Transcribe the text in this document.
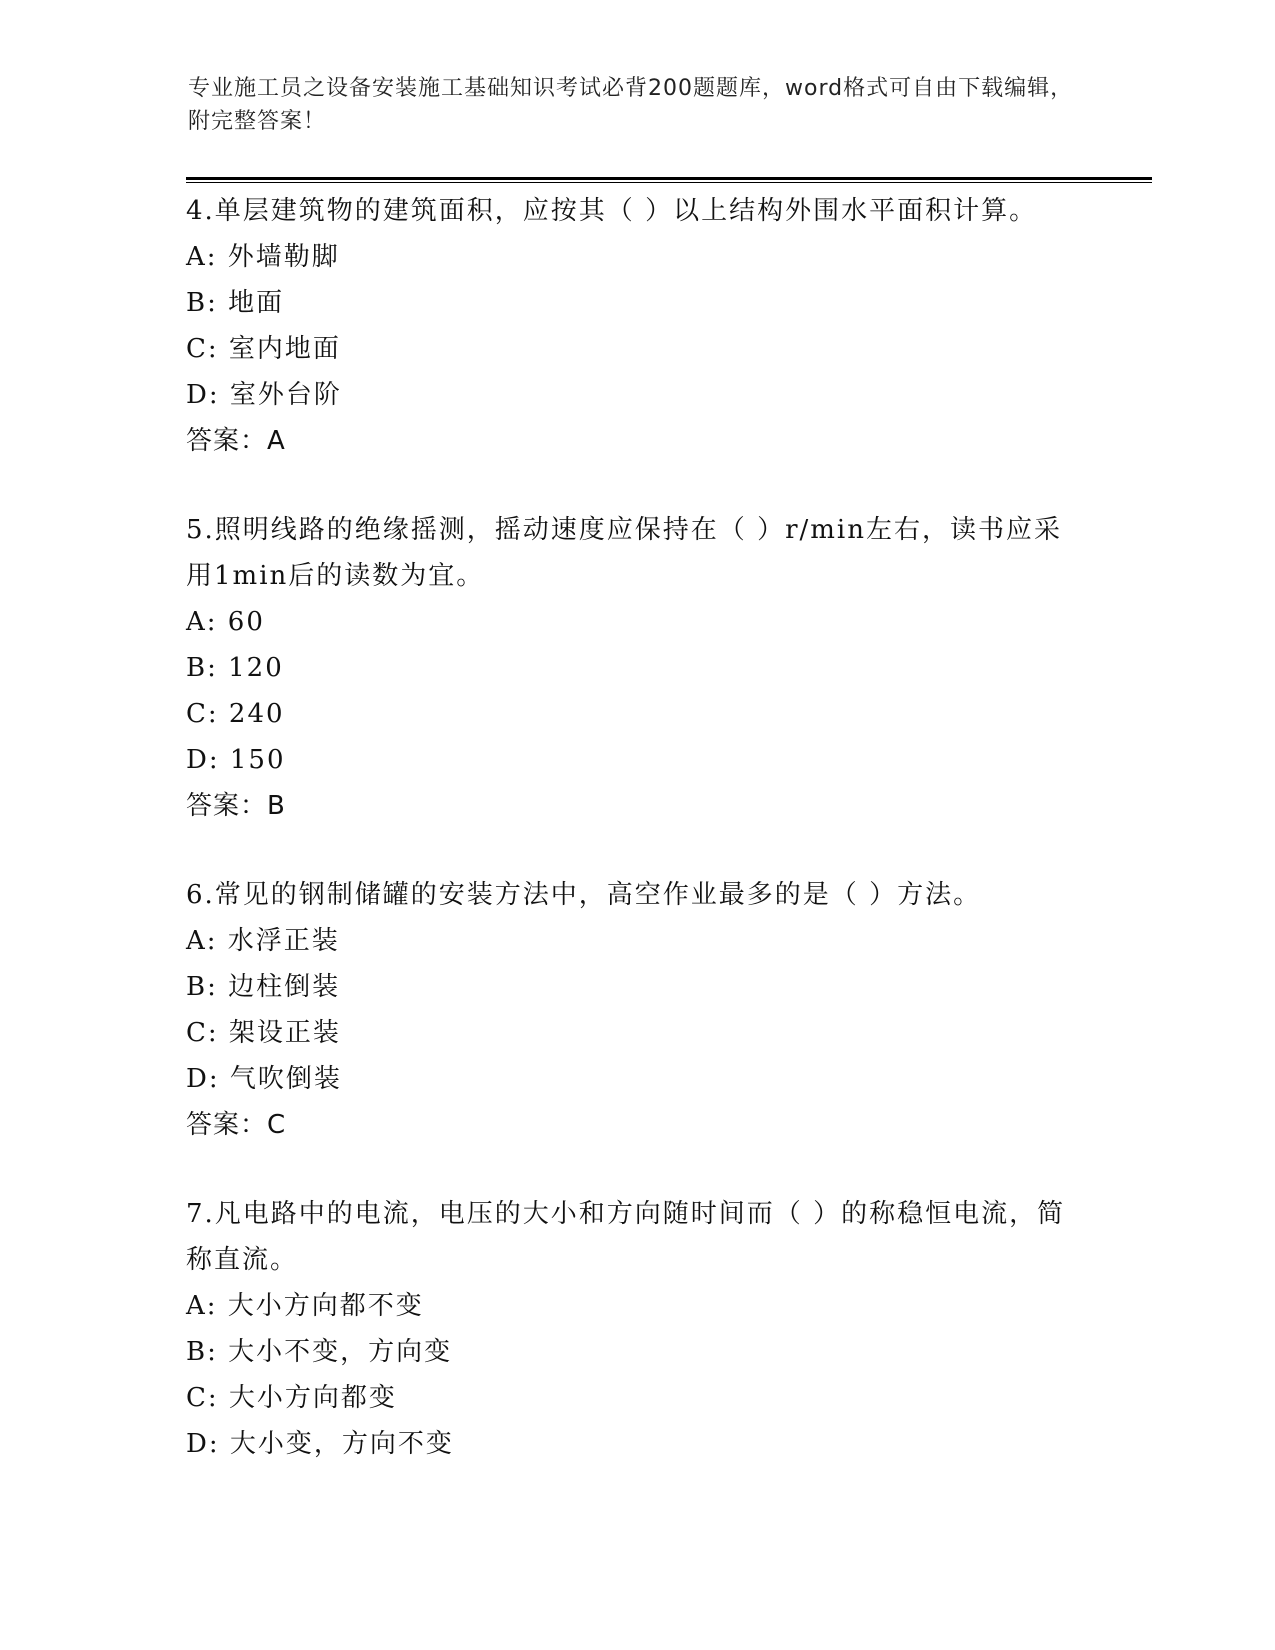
专业施工员之设备安装施工基础知识考试必背200题题库，word格式可自由下载编辑，附完整答案！
4.单层建筑物的建筑面积，应按其（ ）以上结构外围水平面积计算。
A: 外墙勒脚
B: 地面
C: 室内地面
D: 室外台阶
答案：A
5.照明线路的绝缘摇测，摇动速度应保持在（ ）r/min左右，读书应采用1min后的读数为宜。
A: 60
B: 120
C: 240
D: 150
答案：B
6.常见的钢制储罐的安装方法中，高空作业最多的是（ ）方法。
A: 水浮正装
B: 边柱倒装
C: 架设正装
D: 气吹倒装
答案：C
7.凡电路中的电流，电压的大小和方向随时间而（ ）的称稳恒电流，简称直流。
A: 大小方向都不变
B: 大小不变，方向变
C: 大小方向都变
D: 大小变，方向不变
